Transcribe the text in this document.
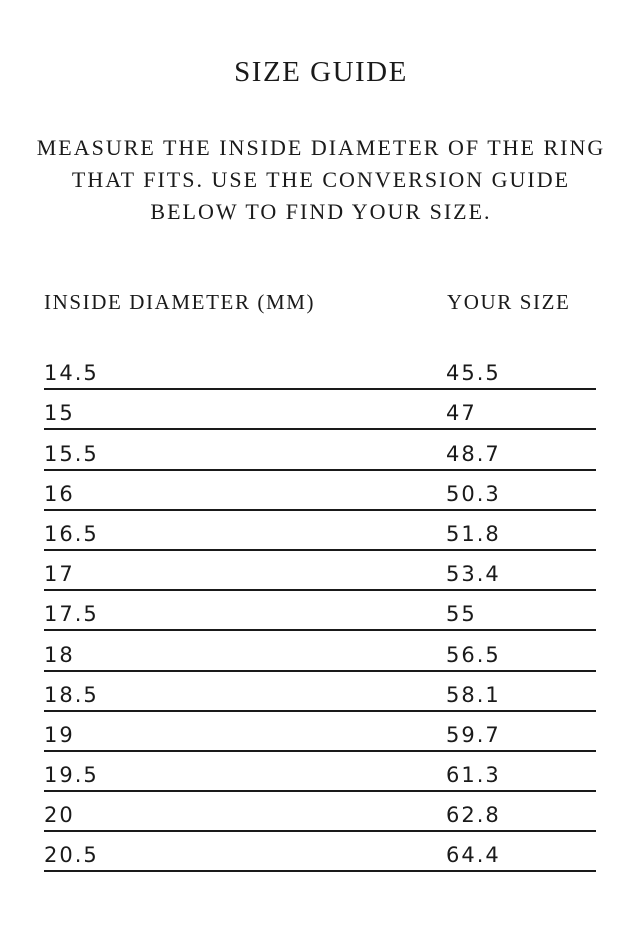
SIZE GUIDE

MEASURE THE INSIDE DIAMETER OF THE RING
THAT FITS. USE THE CONVERSION GUIDE
BELOW TO FIND YOUR SIZE.

INSIDE DIAMETER (MM)	YOUR SIZE
14.5	45.5
15	47
15.5	48.7
16	50.3
16.5	51.8
17	53.4
17.5	55
18	56.5
18.5	58.1
19	59.7
19.5	61.3
20	62.8
20.5	64.4
